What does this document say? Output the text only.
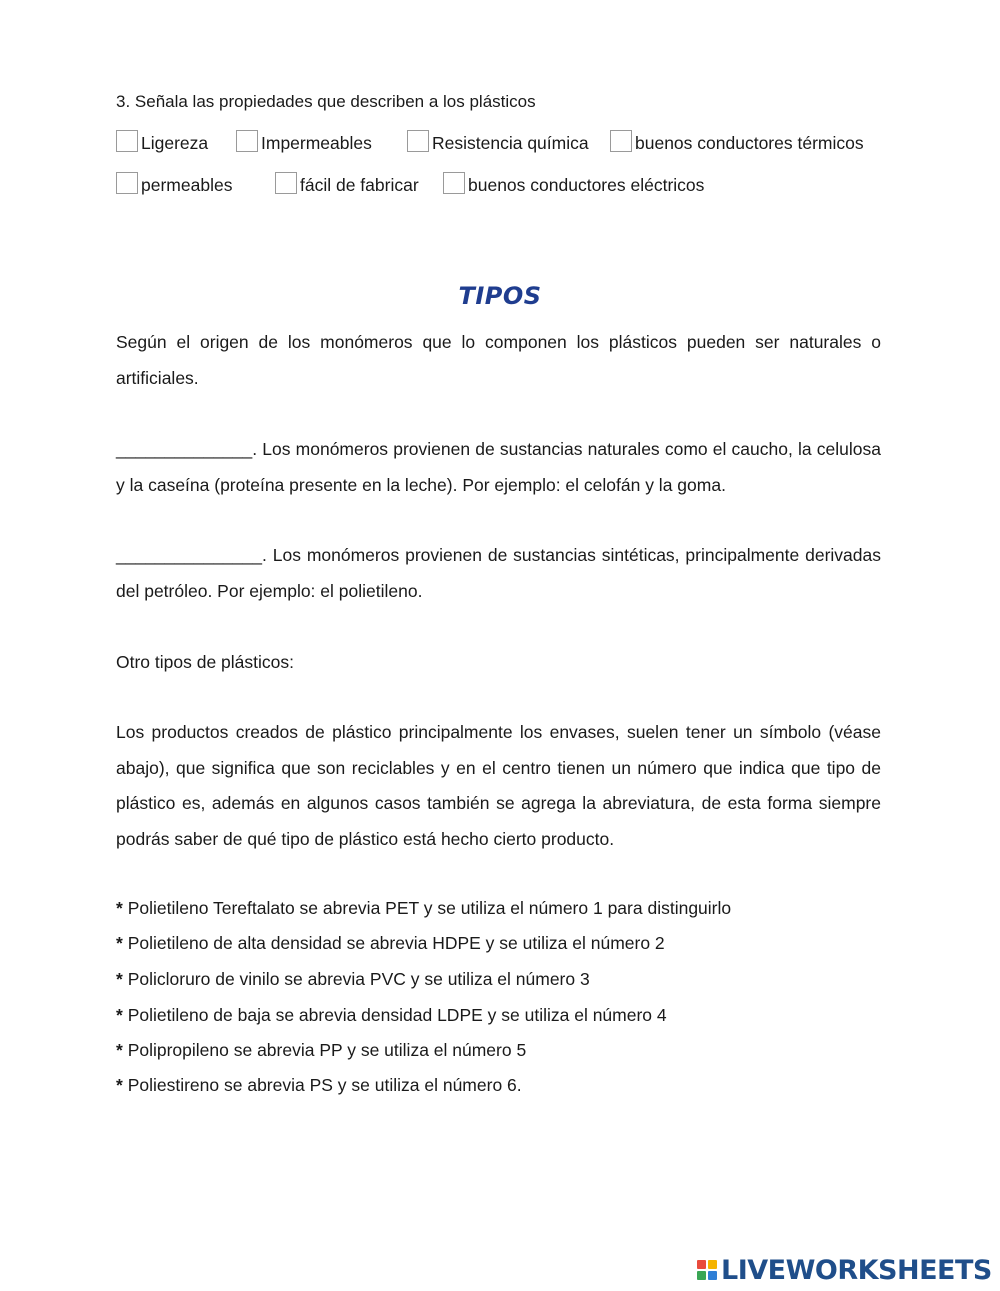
3. Señala las propiedades que describen a los plásticos
Ligereza	Impermeables	Resistencia química	buenos conductores térmicos
permeables	fácil de fabricar	buenos conductores eléctricos
TIPOS
Según el origen de los monómeros que lo componen los plásticos pueden ser naturales o artificiales.
______________. Los monómeros provienen de sustancias naturales como el caucho, la celulosa y la caseína (proteína presente en la leche). Por ejemplo: el celofán y la goma.
_______________. Los monómeros provienen de sustancias sintéticas, principalmente derivadas del petróleo. Por ejemplo: el polietileno.
Otro tipos de plásticos:
Los productos creados de plástico principalmente los envases, suelen tener un símbolo (véase abajo), que significa que son reciclables y en el centro tienen un número que indica que tipo de plástico es, además en algunos casos también se agrega la abreviatura, de esta forma siempre podrás saber de qué tipo de plástico está hecho cierto producto.
* Polietileno Tereftalato se abrevia PET y se utiliza el número 1 para distinguirlo
* Polietileno de alta densidad se abrevia HDPE y se utiliza el número 2
* Policloruro de vinilo se abrevia PVC y se utiliza el número 3
* Polietileno de baja se abrevia densidad LDPE y se utiliza el número 4
* Polipropileno se abrevia PP y se utiliza el número 5
* Poliestireno se abrevia PS y se utiliza el número 6.
LIVEWORKSHEETS
